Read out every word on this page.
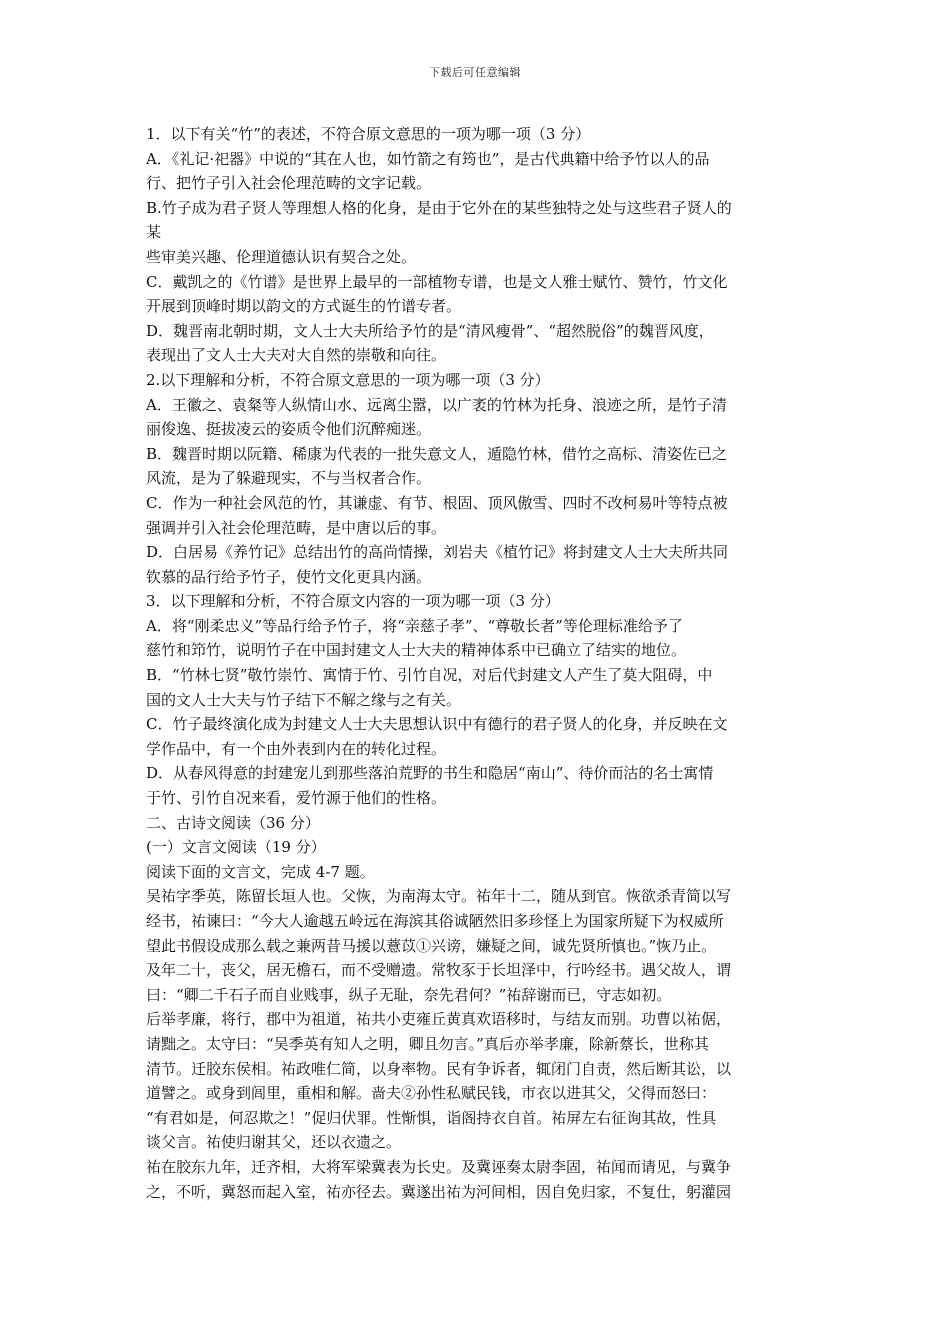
下载后可任意编辑
1．以下有关“竹”的表述，不符合原文意思的一项为哪一项（3 分）
A．《礼记·祀器》中说的“其在人也，如竹箭之有筠也”，是古代典籍中给予竹以人的品
行、把竹子引入社会伦理范畴的文字记载。
B.竹子成为君子贤人等理想人格的化身，是由于它外在的某些独特之处与这些君子贤人的
某
些审美兴趣、伦理道德认识有契合之处。
C．戴凯之的《竹谱》是世界上最早的一部植物专谱，也是文人雅士赋竹、赞竹，竹文化
开展到顶峰时期以韵文的方式诞生的竹谱专者。
D．魏晋南北朝时期，文人士大夫所给予竹的是“清风瘦骨”、“超然脱俗”的魏晋风度，
表现出了文人士大夫对大自然的崇敬和向往。
2.以下理解和分析，不符合原文意思的一项为哪一项（3 分）
A．王徽之、袁粲等人纵情山水、远离尘嚣，以广袤的竹林为托身、浪迹之所，是竹子清
丽俊逸、挺拔凌云的姿质令他们沉醉痴迷。
B．魏晋时期以阮籍、稀康为代表的一批失意文人，遁隐竹林，借竹之高标、清姿佐已之
风流，是为了躲避现实，不与当权者合作。
C．作为一种社会风范的竹，其谦虚、有节、根固、顶风傲雪、四时不改柯易叶等特点被
强调并引入社会伦理范畴，是中唐以后的事。
D．白居易《养竹记》总结出竹的高尚情操，刘岩夫《植竹记》将封建文人士大夫所共同
钦慕的品行给予竹子，使竹文化更具内涵。
3．以下理解和分析，不符合原文内容的一项为哪一项（3 分）
A．将“刚柔忠义”等品行给予竹子，将“亲慈子孝”、“尊敬长者”等伦理标准给予了
慈竹和笻竹，说明竹子在中国封建文人士大夫的精神体系中已确立了结实的地位。
B．“竹林七贤”敬竹崇竹、寓情于竹、引竹自况，对后代封建文人产生了莫大阻碍，中
国的文人士大夫与竹子结下不解之缘与之有关。
C．竹子最终演化成为封建文人士大夫思想认识中有德行的君子贤人的化身，并反映在文
学作品中，有一个由外表到内在的转化过程。
D．从春风得意的封建宠儿到那些落泊荒野的书生和隐居“南山”、待价而沽的名士寓情
于竹、引竹自况来看，爱竹源于他们的性格。
二、古诗文阅读（36 分）
(一）文言文阅读（19 分）
阅读下面的文言文，完成 4-7 题。
吴祐字季英，陈留长垣人也。父恢，为南海太守。祐年十二，随从到官。恢欲杀青简以写
经书，祐谏曰：“今大人逾越五岭远在海滨其俗诚陋然旧多珍怪上为国家所疑下为权威所
望此书假设成那么载之兼两昔马援以薏苡①兴谤，嫌疑之间，诚先贤所慎也。”恢乃止。
及年二十，丧父，居无檐石，而不受赠遗。常牧豕于长坦泽中，行吟经书。遇父故人，谓
曰：“卿二千石子而自业贱事，纵子无耻，奈先君何？”祐辞谢而已，守志如初。
后举孝廉，将行，郡中为祖道，祐共小吏雍丘黄真欢语移时，与结友而别。功曹以祐倨，
请黜之。太守曰：“吴季英有知人之明，卿且勿言。”真后亦举孝廉，除新蔡长，世称其
清节。迁胶东侯相。祐政唯仁简，以身率物。民有争诉者，辄闭门自责，然后断其讼，以
道譬之。或身到闾里，重相和解。啬夫②孙性私赋民钱，市衣以进其父，父得而怒曰：
“有君如是，何忍欺之！”促归伏罪。性惭惧，诣阁持衣自首。祐屏左右征询其故，性具
谈父言。祐使归谢其父，还以衣遗之。
祐在胶东九年，迁齐相，大将军梁冀表为长史。及冀诬奏太尉李固，祐闻而请见，与冀争
之，不听，冀怒而起入室，祐亦径去。冀遂出祐为河间相，因自免归家，不复仕，躬灌园
